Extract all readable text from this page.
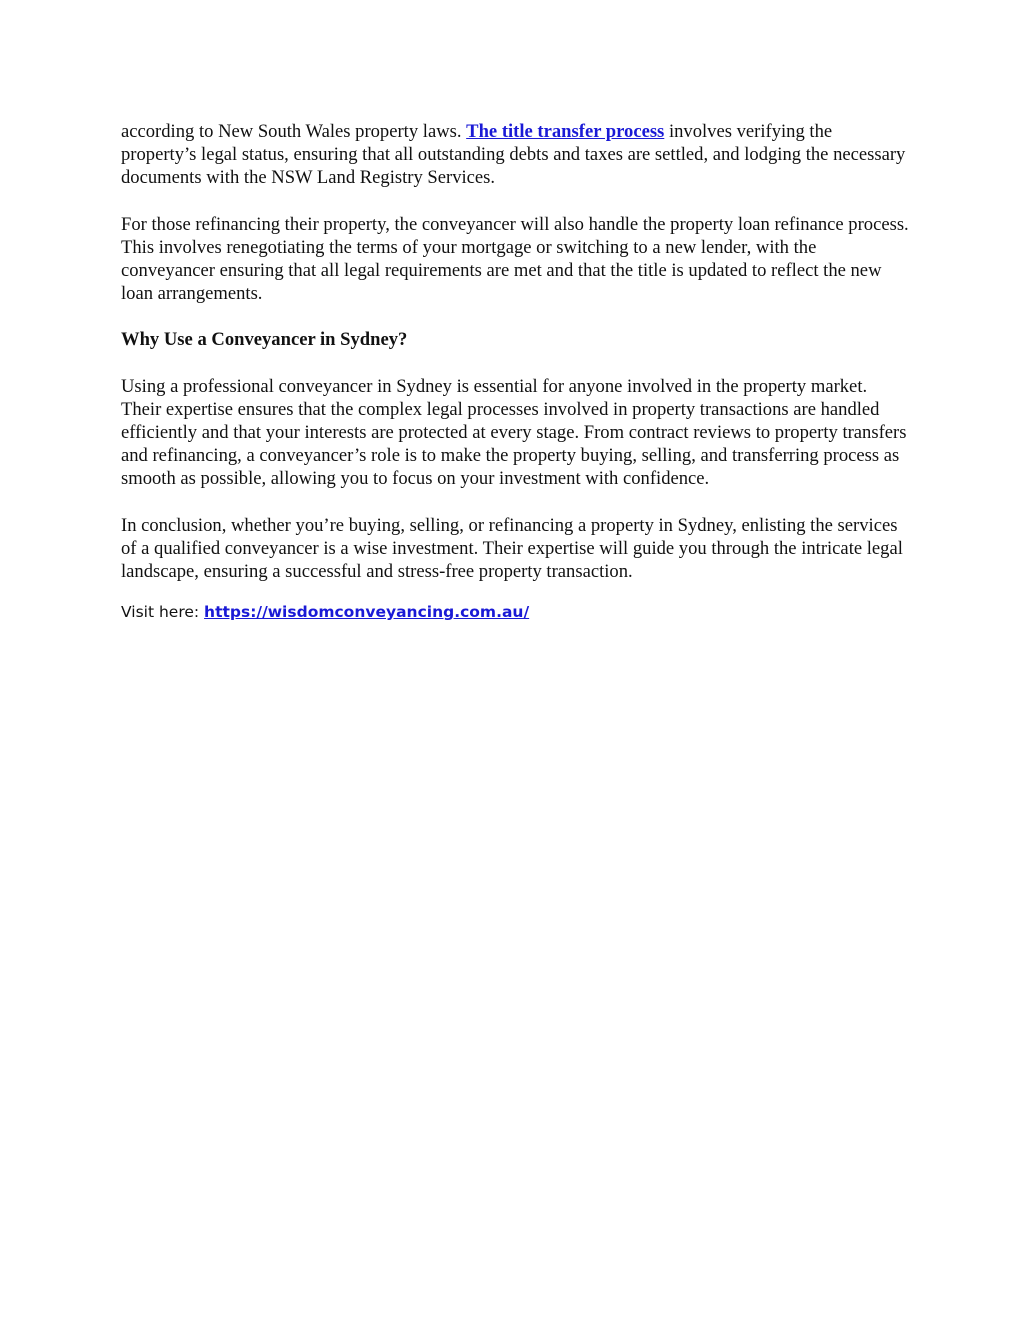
according to New South Wales property laws. The title transfer process involves verifying the property’s legal status, ensuring that all outstanding debts and taxes are settled, and lodging the necessary documents with the NSW Land Registry Services.

For those refinancing their property, the conveyancer will also handle the property loan refinance process. This involves renegotiating the terms of your mortgage or switching to a new lender, with the conveyancer ensuring that all legal requirements are met and that the title is updated to reflect the new loan arrangements.

Why Use a Conveyancer in Sydney?

Using a professional conveyancer in Sydney is essential for anyone involved in the property market. Their expertise ensures that the complex legal processes involved in property transactions are handled efficiently and that your interests are protected at every stage. From contract reviews to property transfers and refinancing, a conveyancer’s role is to make the property buying, selling, and transferring process as smooth as possible, allowing you to focus on your investment with confidence.

In conclusion, whether you’re buying, selling, or refinancing a property in Sydney, enlisting the services of a qualified conveyancer is a wise investment. Their expertise will guide you through the intricate legal landscape, ensuring a successful and stress-free property transaction.

Visit here: https://wisdomconveyancing.com.au/
